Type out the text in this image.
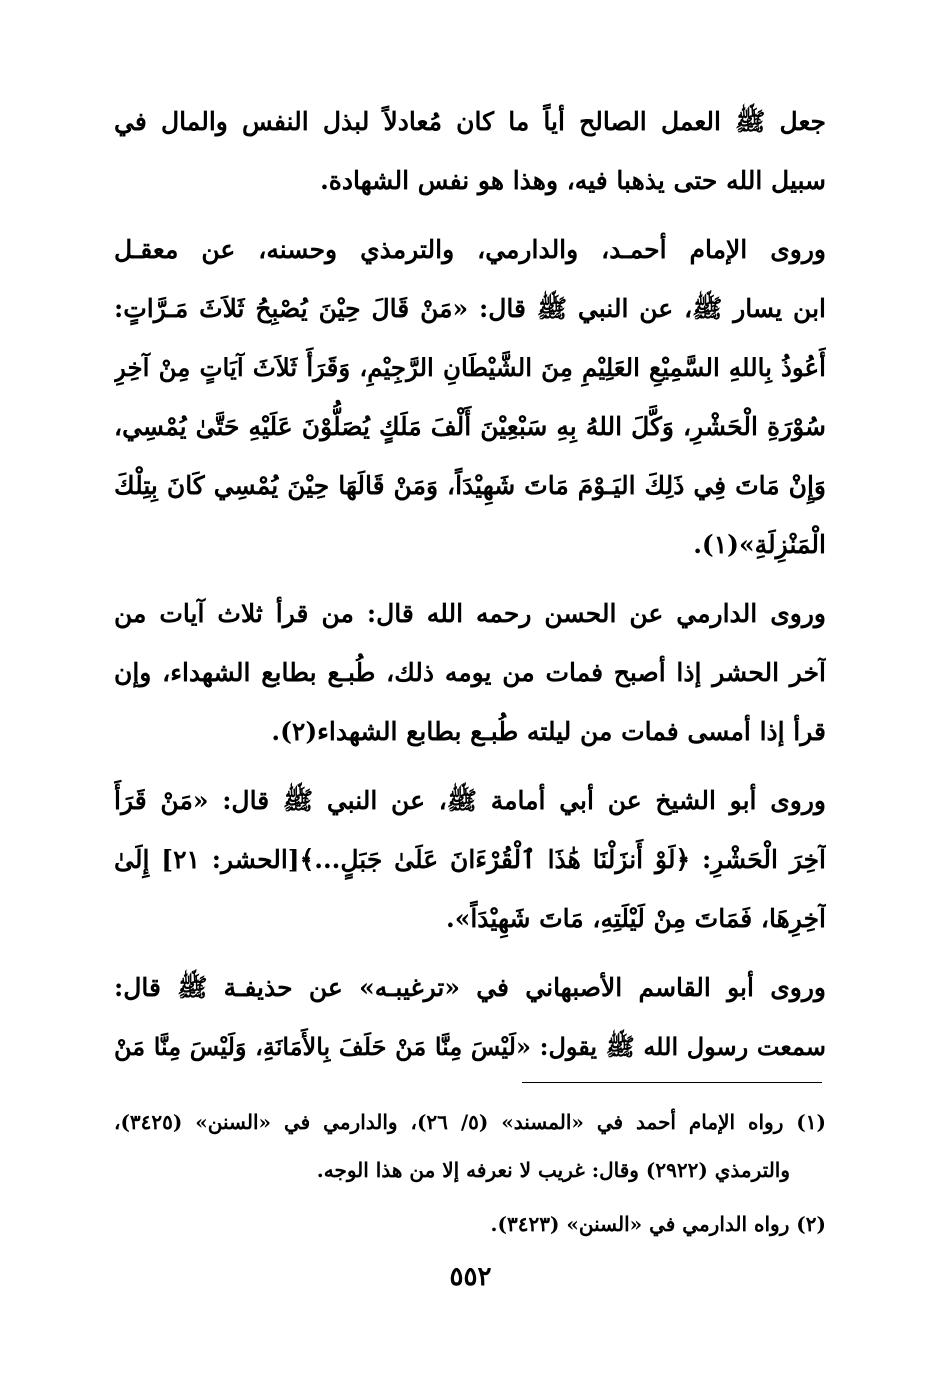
جعل ﷺ العمل الصالح أياً ما كان مُعادلاً لبذل النفس والمال في
سبيل الله حتى يذهبا فيه، وهذا هو نفس الشهادة.
وروى الإمام أحمـد، والدارمي، والترمذي وحسنه، عن معقـل
ابن يسار ﷺ، عن النبي ﷺ قال: «مَنْ قَالَ حِيْنَ يُصْبِحُ ثَلاَثَ مَـرَّاتٍ:
أَعُوذُ بِاللهِ السَّمِيْعِ العَلِيْمِ مِنَ الشَّيْطَانِ الرَّجِيْمِ، وَقَرَأَ ثَلاَثَ آيَاتٍ مِنْ آخِرِ
سُوْرَةِ الْحَشْرِ، وَكَّلَ اللهُ بِهِ سَبْعِيْنَ أَلْفَ مَلَكٍ يُصَلُّوْنَ عَلَيْهِ حَتَّىٰ يُمْسِي،
وَإِنْ مَاتَ فِي ذَلِكَ اليَـوْمَ مَاتَ شَهِيْدَاً، وَمَنْ قَالَهَا حِيْنَ يُمْسِي كَانَ بِتِلْكَ
الْمَنْزِلَةِ»(١).
وروى الدارمي عن الحسن رحمه الله قال: من قرأ ثلاث آيات من
آخر الحشر إذا أصبح فمات من يومه ذلك، طُبـع بطابع الشهداء، وإن
قرأ إذا أمسى فمات من ليلته طُبـع بطابع الشهداء(٢).
وروى أبو الشيخ عن أبي أمامة ﷺ، عن النبي ﷺ قال: «مَنْ قَرَأَ
آخِرَ الْحَشْرِ: ﴿لَوْ أَنزَلْنَا هَٰذَا ٱلْقُرْءَانَ عَلَىٰ جَبَلٍ...﴾[الحشر: ٢١] إِلَىٰ
آخِرِهَا، فَمَاتَ مِنْ لَيْلَتِهِ، مَاتَ شَهِيْدَاً».
وروى أبو القاسم الأصبهاني في «ترغيبـه» عن حذيفـة ﷺ قال:
سمعت رسول الله ﷺ يقول: «لَيْسَ مِنَّا مَنْ حَلَفَ بِالأَمَانَةِ، وَلَيْسَ مِنَّا مَنْ
(١) رواه الإمام أحمد في «المسند» (٥/ ٢٦)، والدارمي في «السنن» (٣٤٢٥)،
والترمذي (٢٩٢٢) وقال: غريب لا نعرفه إلا من هذا الوجه.
(٢) رواه الدارمي في «السنن» (٣٤٢٣).
٥٥٢
